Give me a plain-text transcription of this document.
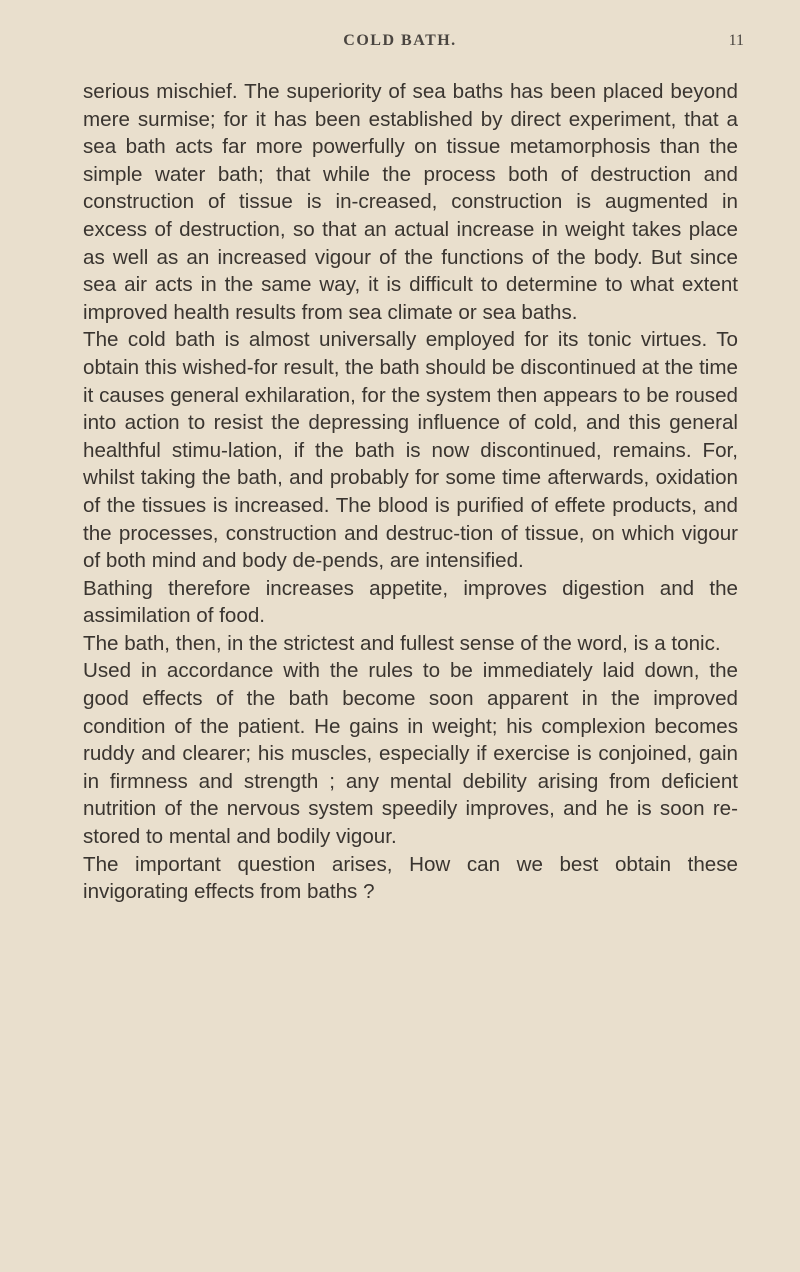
COLD BATH.	11

serious mischief. The superiority of sea baths has been placed beyond mere surmise; for it has been established by direct experiment, that a sea bath acts far more powerfully on tissue metamorphosis than the simple water bath; that while the process both of destruction and construction of tissue is in-creased, construction is augmented in excess of destruction, so that an actual increase in weight takes place as well as an increased vigour of the functions of the body. But since sea air acts in the same way, it is difficult to determine to what extent improved health results from sea climate or sea baths.

The cold bath is almost universally employed for its tonic virtues. To obtain this wished-for result, the bath should be discontinued at the time it causes general exhilaration, for the system then appears to be roused into action to resist the depressing influence of cold, and this general healthful stimu-lation, if the bath is now discontinued, remains. For, whilst taking the bath, and probably for some time afterwards, oxidation of the tissues is increased. The blood is purified of effete products, and the processes, construction and destruc-tion of tissue, on which vigour of both mind and body de-pends, are intensified.

Bathing therefore increases appetite, improves digestion and the assimilation of food.

The bath, then, in the strictest and fullest sense of the word, is a tonic.

Used in accordance with the rules to be immediately laid down, the good effects of the bath become soon apparent in the improved condition of the patient. He gains in weight; his complexion becomes ruddy and clearer; his muscles, especially if exercise is conjoined, gain in firmness and strength ; any mental debility arising from deficient nutrition of the nervous system speedily improves, and he is soon re-stored to mental and bodily vigour.

The important question arises, How can we best obtain these invigorating effects from baths ?
